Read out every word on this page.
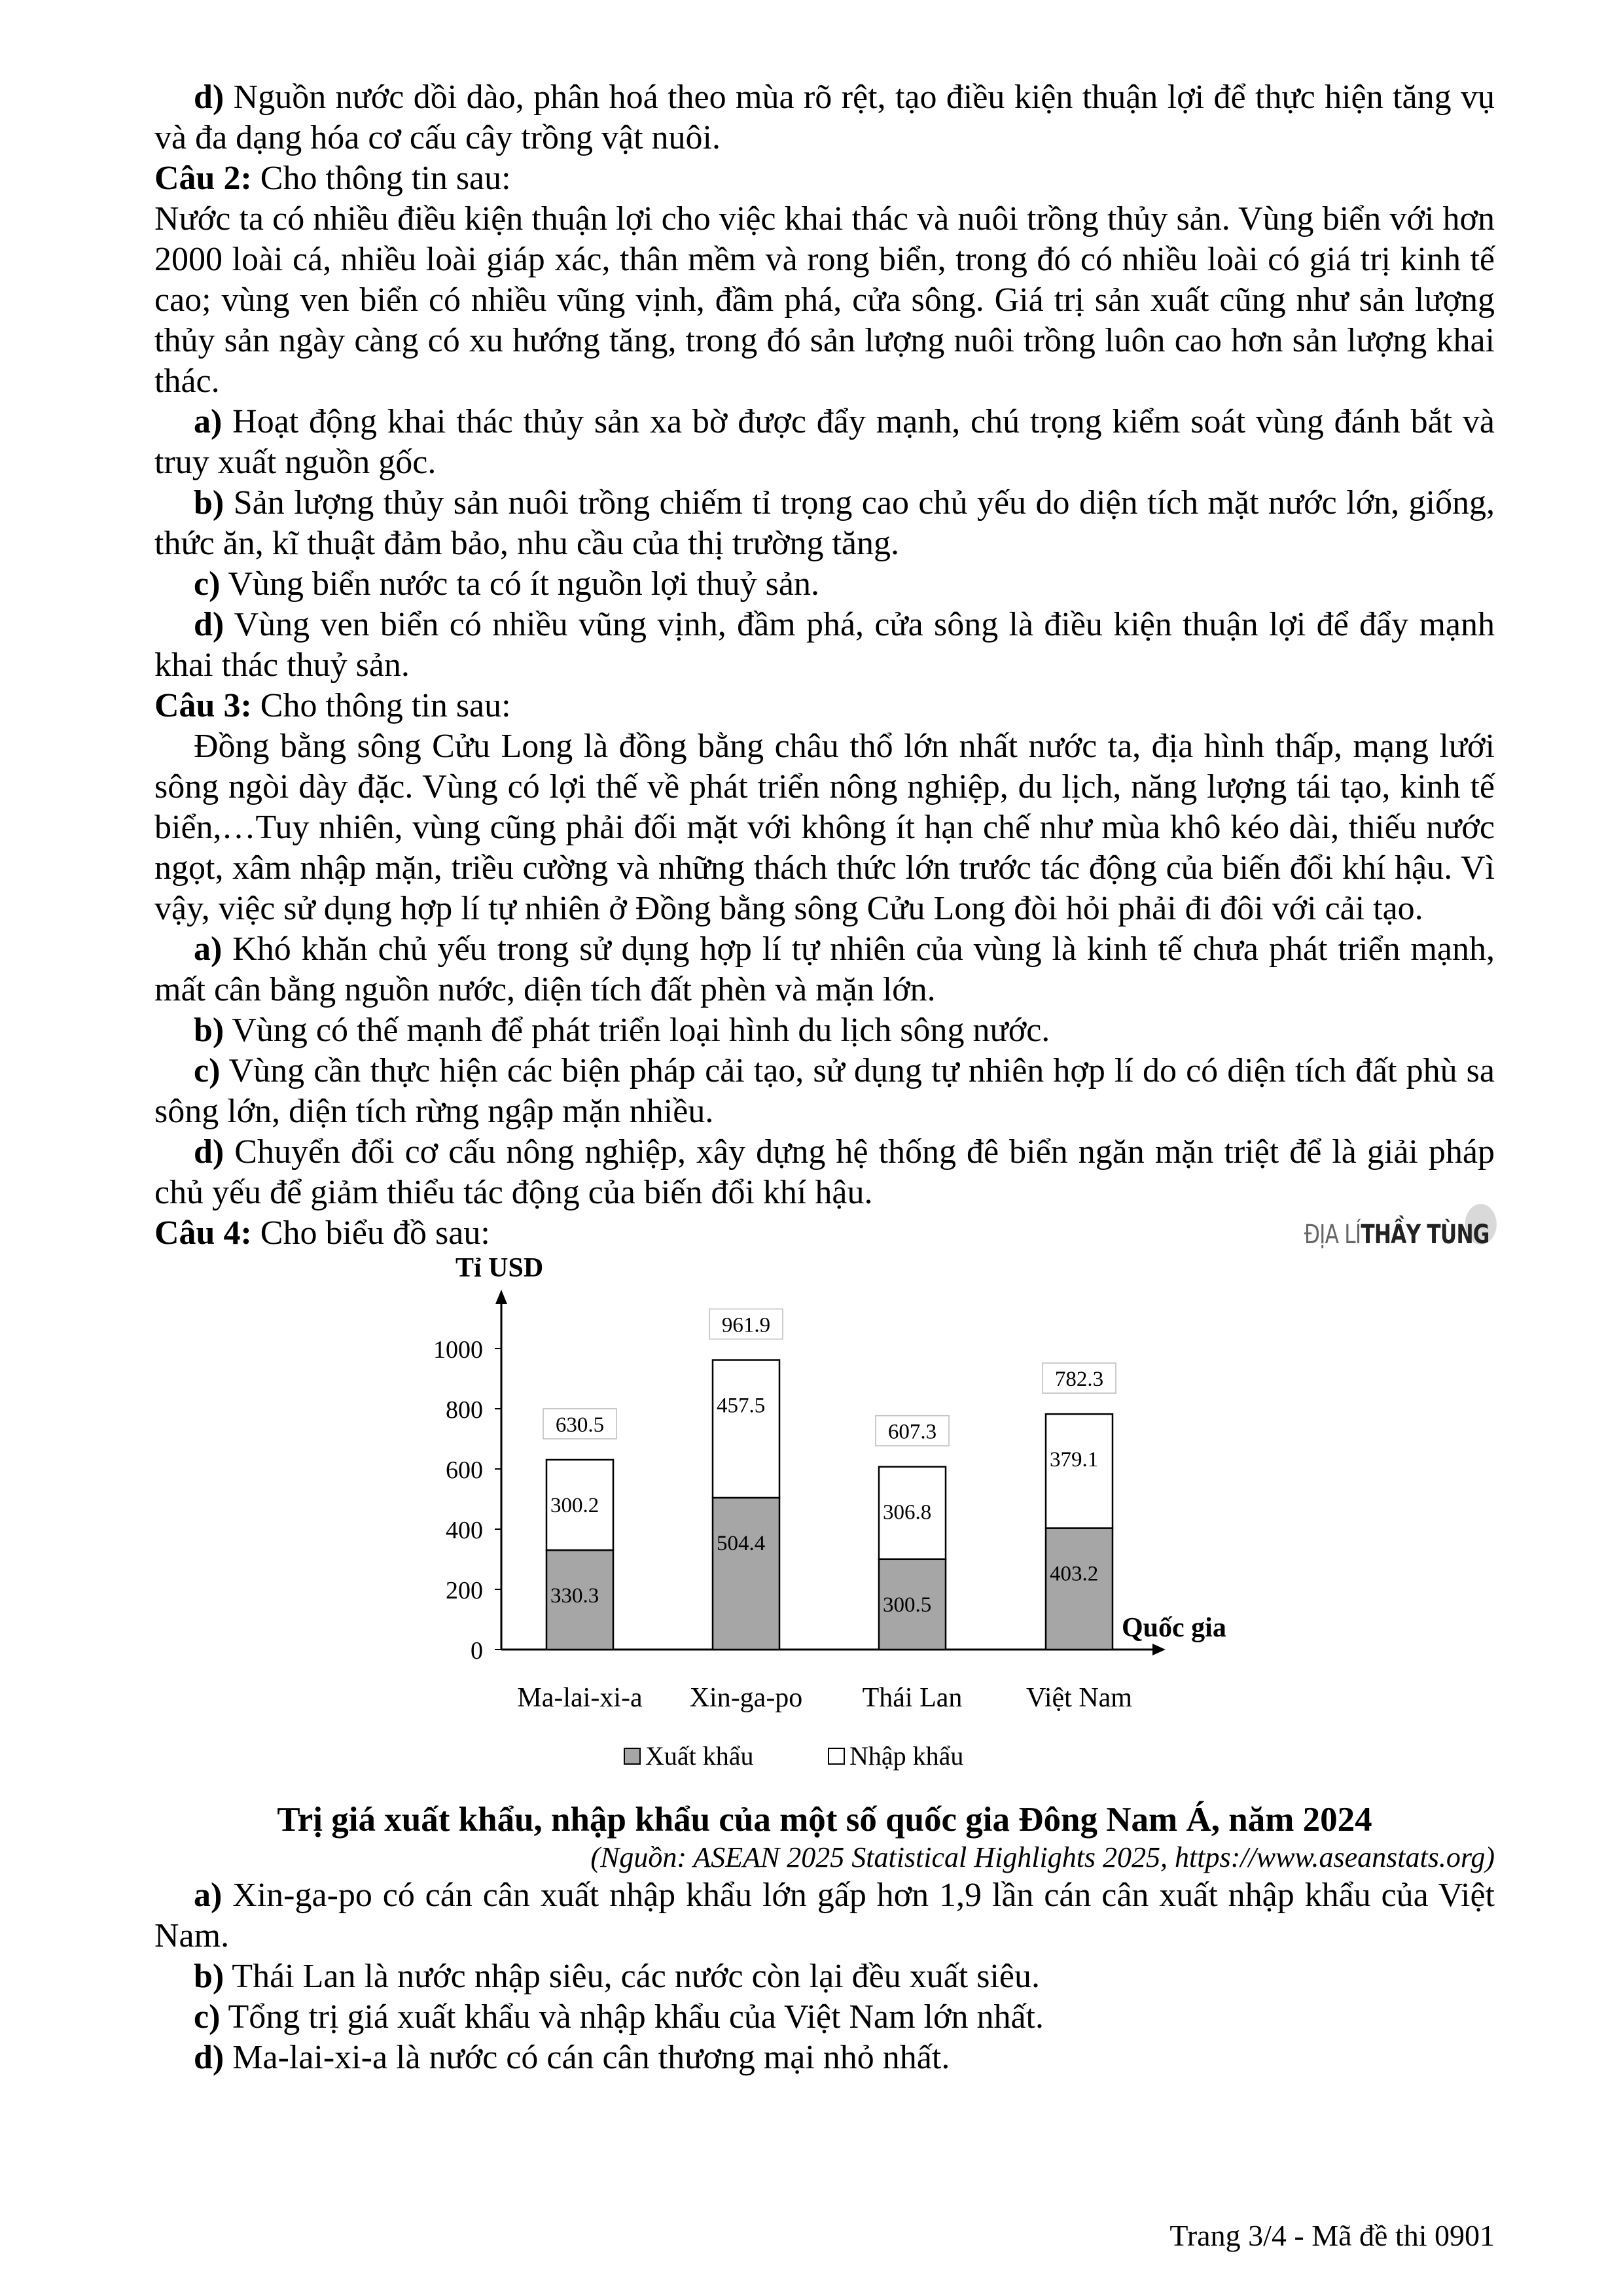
d) Nguồn nước dồi dào, phân hoá theo mùa rõ rệt, tạo điều kiện thuận lợi để thực hiện tăng vụ và đa dạng hóa cơ cấu cây trồng vật nuôi.

Câu 2: Cho thông tin sau:

Nước ta có nhiều điều kiện thuận lợi cho việc khai thác và nuôi trồng thủy sản. Vùng biển với hơn 2000 loài cá, nhiều loài giáp xác, thân mềm và rong biển, trong đó có nhiều loài có giá trị kinh tế cao; vùng ven biển có nhiều vũng vịnh, đầm phá, cửa sông. Giá trị sản xuất cũng như sản lượng thủy sản ngày càng có xu hướng tăng, trong đó sản lượng nuôi trồng luôn cao hơn sản lượng khai thác.

a) Hoạt động khai thác thủy sản xa bờ được đẩy mạnh, chú trọng kiểm soát vùng đánh bắt và truy xuất nguồn gốc.

b) Sản lượng thủy sản nuôi trồng chiếm tỉ trọng cao chủ yếu do diện tích mặt nước lớn, giống, thức ăn, kĩ thuật đảm bảo, nhu cầu của thị trường tăng.

c) Vùng biển nước ta có ít nguồn lợi thuỷ sản.

d) Vùng ven biển có nhiều vũng vịnh, đầm phá, cửa sông là điều kiện thuận lợi để đẩy mạnh khai thác thuỷ sản.

Câu 3: Cho thông tin sau:

Đồng bằng sông Cửu Long là đồng bằng châu thổ lớn nhất nước ta, địa hình thấp, mạng lưới sông ngòi dày đặc. Vùng có lợi thế về phát triển nông nghiệp, du lịch, năng lượng tái tạo, kinh tế biển,…Tuy nhiên, vùng cũng phải đối mặt với không ít hạn chế như mùa khô kéo dài, thiếu nước ngọt, xâm nhập mặn, triều cường và những thách thức lớn trước tác động của biến đổi khí hậu. Vì vậy, việc sử dụng hợp lí tự nhiên ở Đồng bằng sông Cửu Long đòi hỏi phải đi đôi với cải tạo.

a) Khó khăn chủ yếu trong sử dụng hợp lí tự nhiên của vùng là kinh tế chưa phát triển mạnh, mất cân bằng nguồn nước, diện tích đất phèn và mặn lớn.

b) Vùng có thế mạnh để phát triển loại hình du lịch sông nước.

c) Vùng cần thực hiện các biện pháp cải tạo, sử dụng tự nhiên hợp lí do có diện tích đất phù sa sông lớn, diện tích rừng ngập mặn nhiều.

d) Chuyển đổi cơ cấu nông nghiệp, xây dựng hệ thống đê biển ngăn mặn triệt để là giải pháp chủ yếu để giảm thiểu tác động của biến đổi khí hậu.

Câu 4: Cho biểu đồ sau:	ĐỊA LÍTHẦY TÙNG

Tỉ USD
Quốc gia
0
200
400
600
800
1000
330.3
300.2
630.5
Ma-lai-xi-a
504.4
457.5
961.9
Xin-ga-po
300.5
306.8
607.3
Thái Lan
403.2
379.1
782.3
Việt Nam
Xuất khẩu	Nhập khẩu

Trị giá xuất khẩu, nhập khẩu của một số quốc gia Đông Nam Á, năm 2024

(Nguồn: ASEAN 2025 Statistical Highlights 2025, https://www.aseanstats.org)

a) Xin-ga-po có cán cân xuất nhập khẩu lớn gấp hơn 1,9 lần cán cân xuất nhập khẩu của Việt Nam.

b) Thái Lan là nước nhập siêu, các nước còn lại đều xuất siêu.

c) Tổng trị giá xuất khẩu và nhập khẩu của Việt Nam lớn nhất.

d) Ma-lai-xi-a là nước có cán cân thương mại nhỏ nhất.

Trang 3/4 - Mã đề thi 0901
